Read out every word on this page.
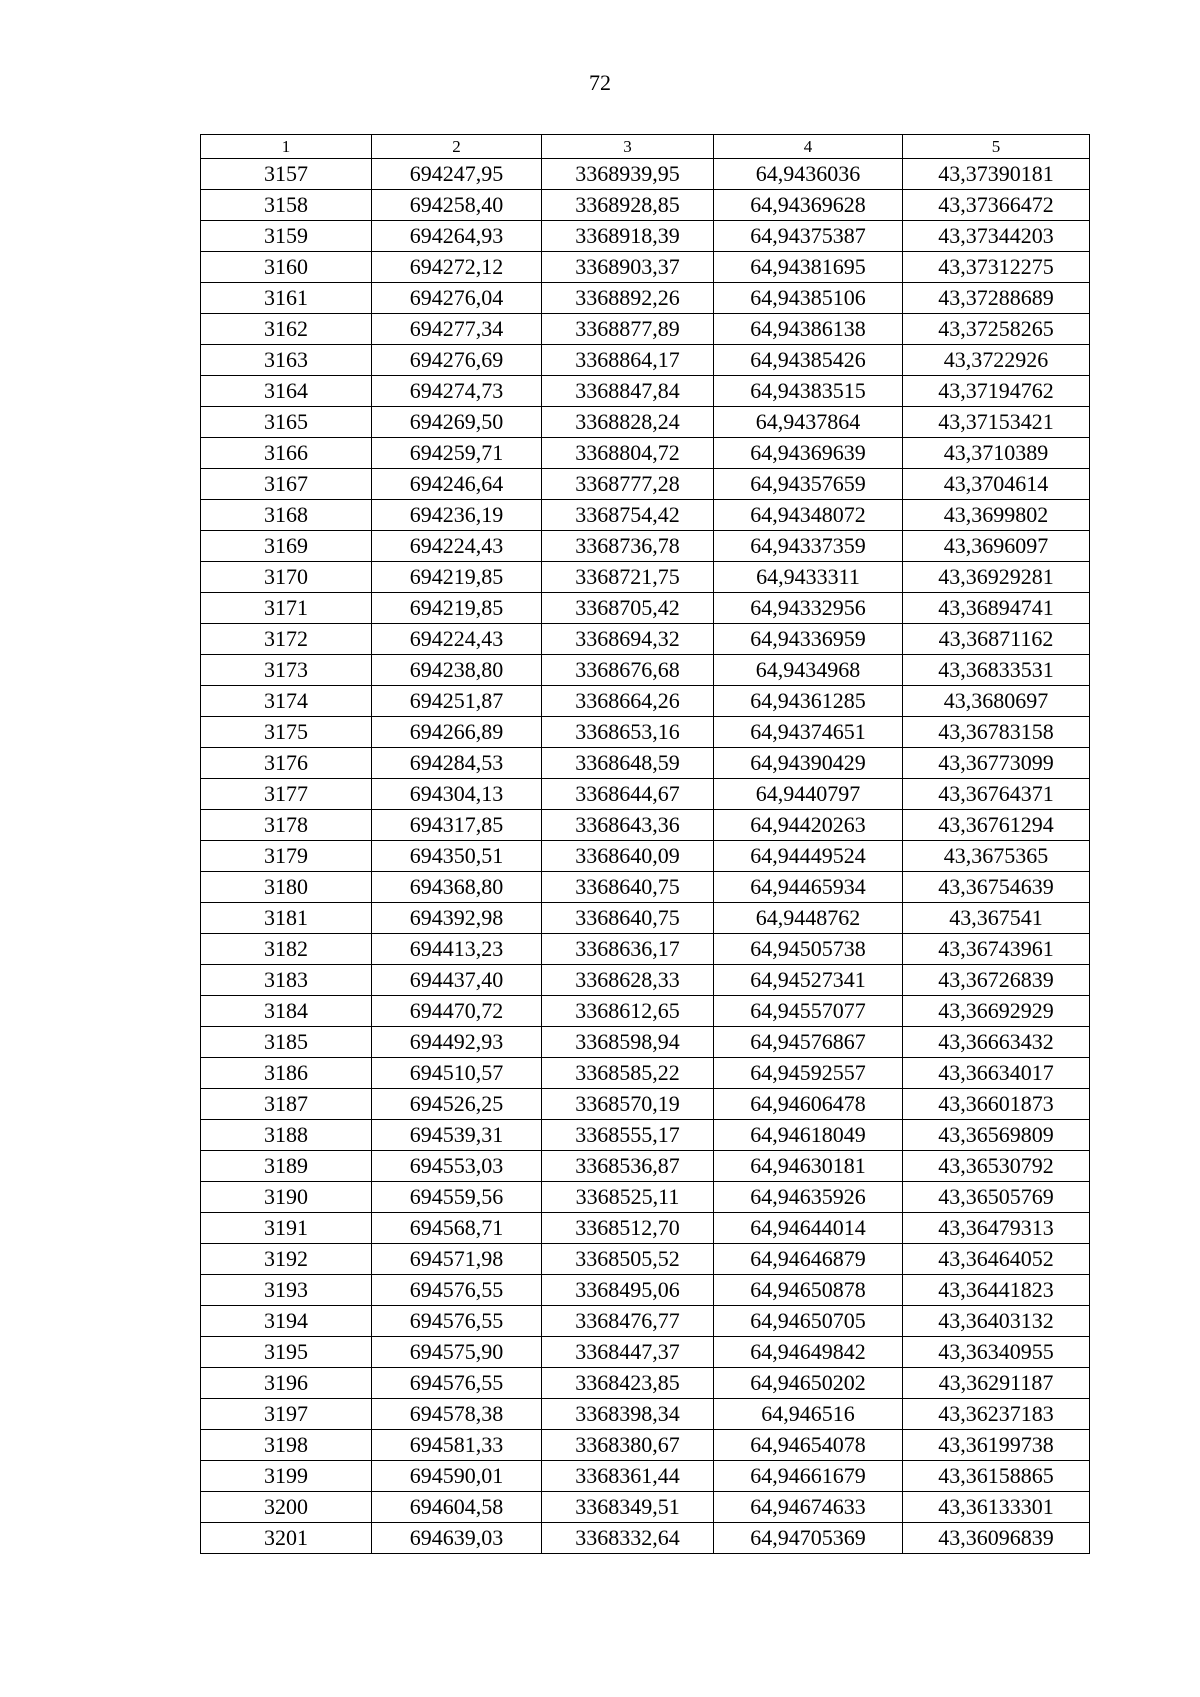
72
1	2	3	4	5
3157	694247,95	3368939,95	64,9436036	43,37390181
3158	694258,40	3368928,85	64,94369628	43,37366472
3159	694264,93	3368918,39	64,94375387	43,37344203
3160	694272,12	3368903,37	64,94381695	43,37312275
3161	694276,04	3368892,26	64,94385106	43,37288689
3162	694277,34	3368877,89	64,94386138	43,37258265
3163	694276,69	3368864,17	64,94385426	43,3722926
3164	694274,73	3368847,84	64,94383515	43,37194762
3165	694269,50	3368828,24	64,9437864	43,37153421
3166	694259,71	3368804,72	64,94369639	43,3710389
3167	694246,64	3368777,28	64,94357659	43,3704614
3168	694236,19	3368754,42	64,94348072	43,3699802
3169	694224,43	3368736,78	64,94337359	43,3696097
3170	694219,85	3368721,75	64,9433311	43,36929281
3171	694219,85	3368705,42	64,94332956	43,36894741
3172	694224,43	3368694,32	64,94336959	43,36871162
3173	694238,80	3368676,68	64,9434968	43,36833531
3174	694251,87	3368664,26	64,94361285	43,3680697
3175	694266,89	3368653,16	64,94374651	43,36783158
3176	694284,53	3368648,59	64,94390429	43,36773099
3177	694304,13	3368644,67	64,9440797	43,36764371
3178	694317,85	3368643,36	64,94420263	43,36761294
3179	694350,51	3368640,09	64,94449524	43,3675365
3180	694368,80	3368640,75	64,94465934	43,36754639
3181	694392,98	3368640,75	64,9448762	43,367541
3182	694413,23	3368636,17	64,94505738	43,36743961
3183	694437,40	3368628,33	64,94527341	43,36726839
3184	694470,72	3368612,65	64,94557077	43,36692929
3185	694492,93	3368598,94	64,94576867	43,36663432
3186	694510,57	3368585,22	64,94592557	43,36634017
3187	694526,25	3368570,19	64,94606478	43,36601873
3188	694539,31	3368555,17	64,94618049	43,36569809
3189	694553,03	3368536,87	64,94630181	43,36530792
3190	694559,56	3368525,11	64,94635926	43,36505769
3191	694568,71	3368512,70	64,94644014	43,36479313
3192	694571,98	3368505,52	64,94646879	43,36464052
3193	694576,55	3368495,06	64,94650878	43,36441823
3194	694576,55	3368476,77	64,94650705	43,36403132
3195	694575,90	3368447,37	64,94649842	43,36340955
3196	694576,55	3368423,85	64,94650202	43,36291187
3197	694578,38	3368398,34	64,946516	43,36237183
3198	694581,33	3368380,67	64,94654078	43,36199738
3199	694590,01	3368361,44	64,94661679	43,36158865
3200	694604,58	3368349,51	64,94674633	43,36133301
3201	694639,03	3368332,64	64,94705369	43,36096839
